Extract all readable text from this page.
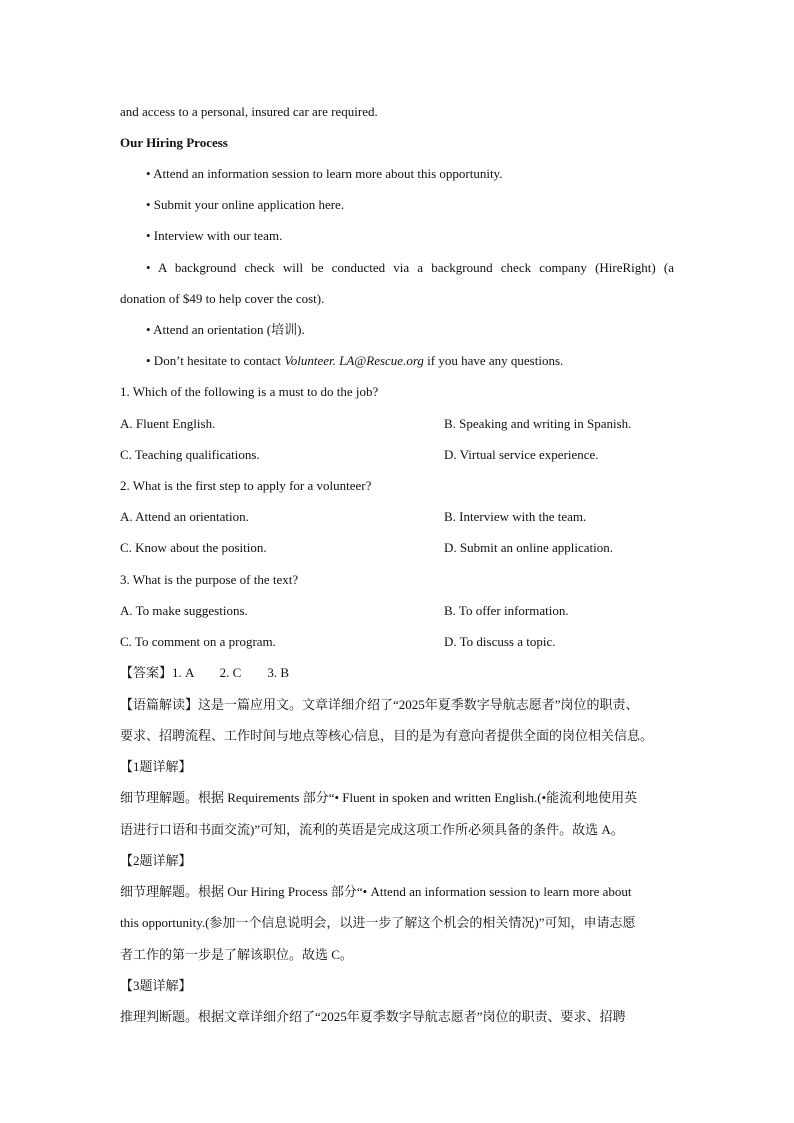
and access to a personal, insured car are required.
Our Hiring Process
• Attend an information session to learn more about this opportunity.
• Submit your online application here.
• Interview with our team.
• A background check will be conducted via a background check company (HireRight) (a
donation of $49 to help cover the cost).
• Attend an orientation (培训).
• Don’t hesitate to contact Volunteer. LA@Rescue.org if you have any questions.
1. Which of the following is a must to do the job?
A. Fluent English.	B. Speaking and writing in Spanish.
C. Teaching qualifications.	D. Virtual service experience.
2. What is the first step to apply for a volunteer?
A. Attend an orientation.	B. Interview with the team.
C. Know about the position.	D. Submit an online application.
3. What is the purpose of the text?
A. To make suggestions.	B. To offer information.
C. To comment on a program.	D. To discuss a topic.
【答案】1. A　　2. C　　3. B
【语篇解读】这是一篇应用文。文章详细介绍了“2025年夏季数字导航志愿者”岗位的职责、
要求、招聘流程、工作时间与地点等核心信息，目的是为有意向者提供全面的岗位相关信息。
【1题详解】
细节理解题。根据 Requirements 部分“• Fluent in spoken and written English.(•能流利地使用英
语进行口语和书面交流)”可知，流利的英语是完成这项工作所必须具备的条件。故选 A。
【2题详解】
细节理解题。根据 Our Hiring Process 部分“• Attend an information session to learn more about
this opportunity.(参加一个信息说明会，以进一步了解这个机会的相关情况)”可知，申请志愿
者工作的第一步是了解该职位。故选 C。
【3题详解】
推理判断题。根据文章详细介绍了“2025年夏季数字导航志愿者”岗位的职责、要求、招聘
